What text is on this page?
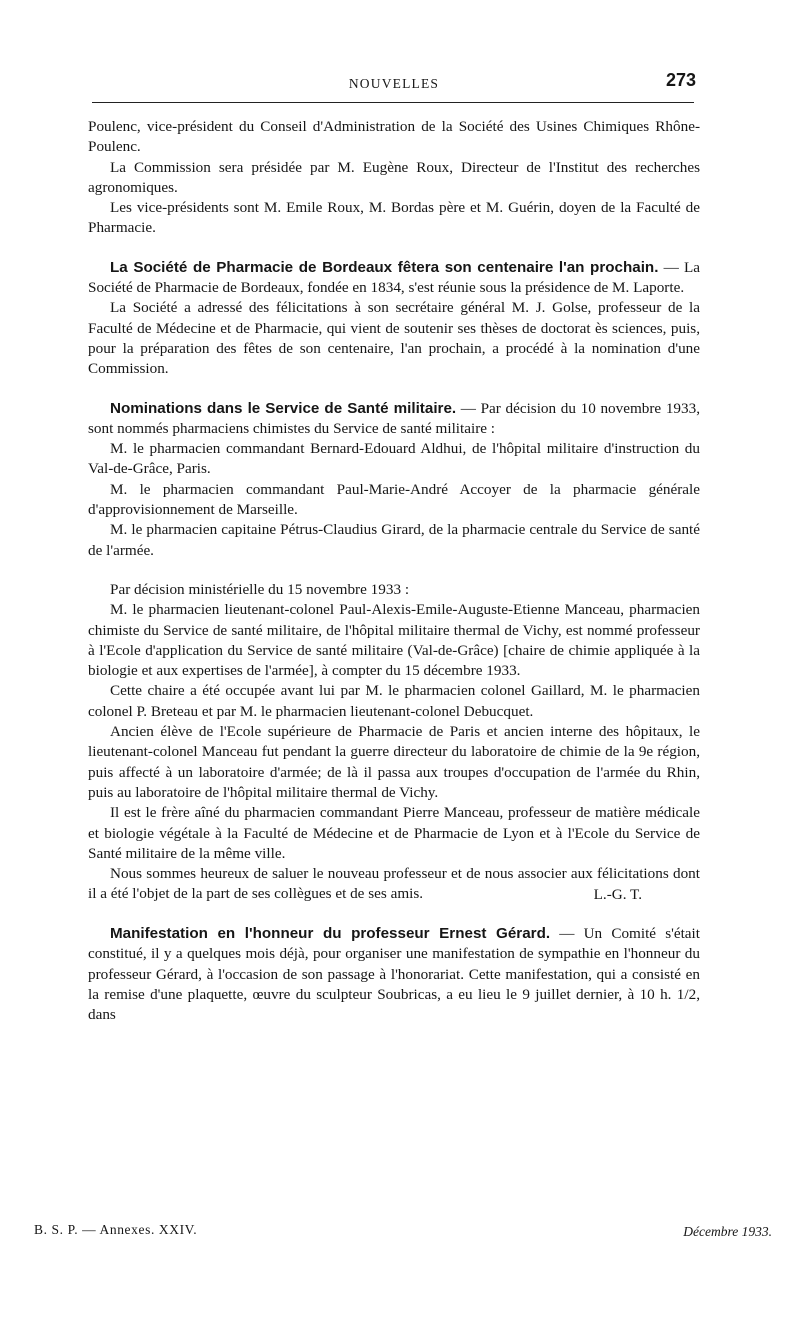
NOUVELLES	273

Poulenc, vice-président du Conseil d'Administration de la Société des Usines Chimiques Rhône-Poulenc.

La Commission sera présidée par M. Eugène Roux, Directeur de l'Institut des recherches agronomiques.

Les vice-présidents sont M. Emile Roux, M. Bordas père et M. Guérin, doyen de la Faculté de Pharmacie.

La Société de Pharmacie de Bordeaux fêtera son centenaire l'an prochain. — La Société de Pharmacie de Bordeaux, fondée en 1834, s'est réunie sous la présidence de M. Laporte.

La Société a adressé des félicitations à son secrétaire général M. J. Golse, professeur de la Faculté de Médecine et de Pharmacie, qui vient de soutenir ses thèses de doctorat ès sciences, puis, pour la préparation des fêtes de son centenaire, l'an prochain, a procédé à la nomination d'une Commission.

Nominations dans le Service de Santé militaire. — Par décision du 10 novembre 1933, sont nommés pharmaciens chimistes du Service de santé militaire :

M. le pharmacien commandant Bernard-Edouard Aldhui, de l'hôpital militaire d'instruction du Val-de-Grâce, Paris.

M. le pharmacien commandant Paul-Marie-André Accoyer de la pharmacie générale d'approvisionnement de Marseille.

M. le pharmacien capitaine Pétrus-Claudius Girard, de la pharmacie centrale du Service de santé de l'armée.

Par décision ministérielle du 15 novembre 1933 :

M. le pharmacien lieutenant-colonel Paul-Alexis-Emile-Auguste-Etienne Manceau, pharmacien chimiste du Service de santé militaire, de l'hôpital militaire thermal de Vichy, est nommé professeur à l'Ecole d'application du Service de santé militaire (Val-de-Grâce) [chaire de chimie appliquée à la biologie et aux expertises de l'armée], à compter du 15 décembre 1933.

Cette chaire a été occupée avant lui par M. le pharmacien colonel Gaillard, M. le pharmacien colonel P. Breteau et par M. le pharmacien lieutenant-colonel Debucquet.

Ancien élève de l'Ecole supérieure de Pharmacie de Paris et ancien interne des hôpitaux, le lieutenant-colonel Manceau fut pendant la guerre directeur du laboratoire de chimie de la 9e région, puis affecté à un laboratoire d'armée; de là il passa aux troupes d'occupation de l'armée du Rhin, puis au laboratoire de l'hôpital militaire thermal de Vichy.

Il est le frère aîné du pharmacien commandant Pierre Manceau, professeur de matière médicale et biologie végétale à la Faculté de Médecine et de Pharmacie de Lyon et à l'Ecole du Service de Santé militaire de la même ville.

Nous sommes heureux de saluer le nouveau professeur et de nous associer aux félicitations dont il a été l'objet de la part de ses collègues et de ses amis.	L.-G. T.

Manifestation en l'honneur du professeur Ernest Gérard. — Un Comité s'était constitué, il y a quelques mois déjà, pour organiser une manifestation de sympathie en l'honneur du professeur Gérard, à l'occasion de son passage à l'honorariat. Cette manifestation, qui a consisté en la remise d'une plaquette, œuvre du sculpteur Soubricas, a eu lieu le 9 juillet dernier, à 10 h. 1/2, dans

B. S. P. — Annexes. XXIV.	Décembre 1933.
